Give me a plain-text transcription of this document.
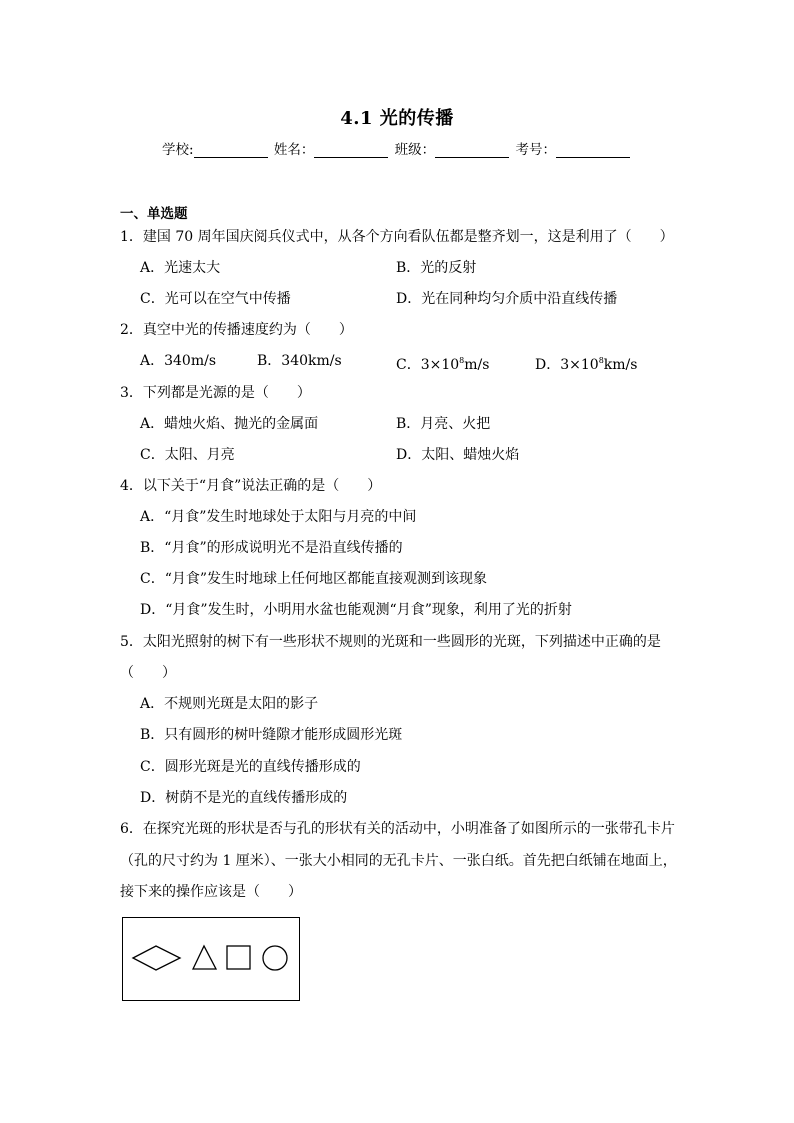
4.1 光的传播
学校:	姓名：	班级：	考号：
一、单选题
1．建国 70 周年国庆阅兵仪式中，从各个方向看队伍都是整齐划一，这是利用了（　　）
A．光速太大	B．光的反射
C．光可以在空气中传播	D．光在同种均匀介质中沿直线传播
2．真空中光的传播速度约为（　　）
A．340m/s	B．340km/s	C．$3\times 10^8m/s$	D．$3\times 10^8km/s$
3．下列都是光源的是（　　）
A．蜡烛火焰、抛光的金属面	B．月亮、火把
C．太阳、月亮	D．太阳、蜡烛火焰
4．以下关于“月食”说法正确的是（　　）
A．“月食”发生时地球处于太阳与月亮的中间
B．“月食”的形成说明光不是沿直线传播的
C．“月食”发生时地球上任何地区都能直接观测到该现象
D．“月食”发生时，小明用水盆也能观测“月食”现象，利用了光的折射
5．太阳光照射的树下有一些形状不规则的光斑和一些圆形的光斑，下列描述中正确的是
（　　）
A．不规则光斑是太阳的影子
B．只有圆形的树叶缝隙才能形成圆形光斑
C．圆形光斑是光的直线传播形成的
D．树荫不是光的直线传播形成的
6．在探究光斑的形状是否与孔的形状有关的活动中，小明准备了如图所示的一张带孔卡片
（孔的尺寸约为 1 厘米）、一张大小相同的无孔卡片、一张白纸。首先把白纸铺在地面上，
接下来的操作应该是（　　）
